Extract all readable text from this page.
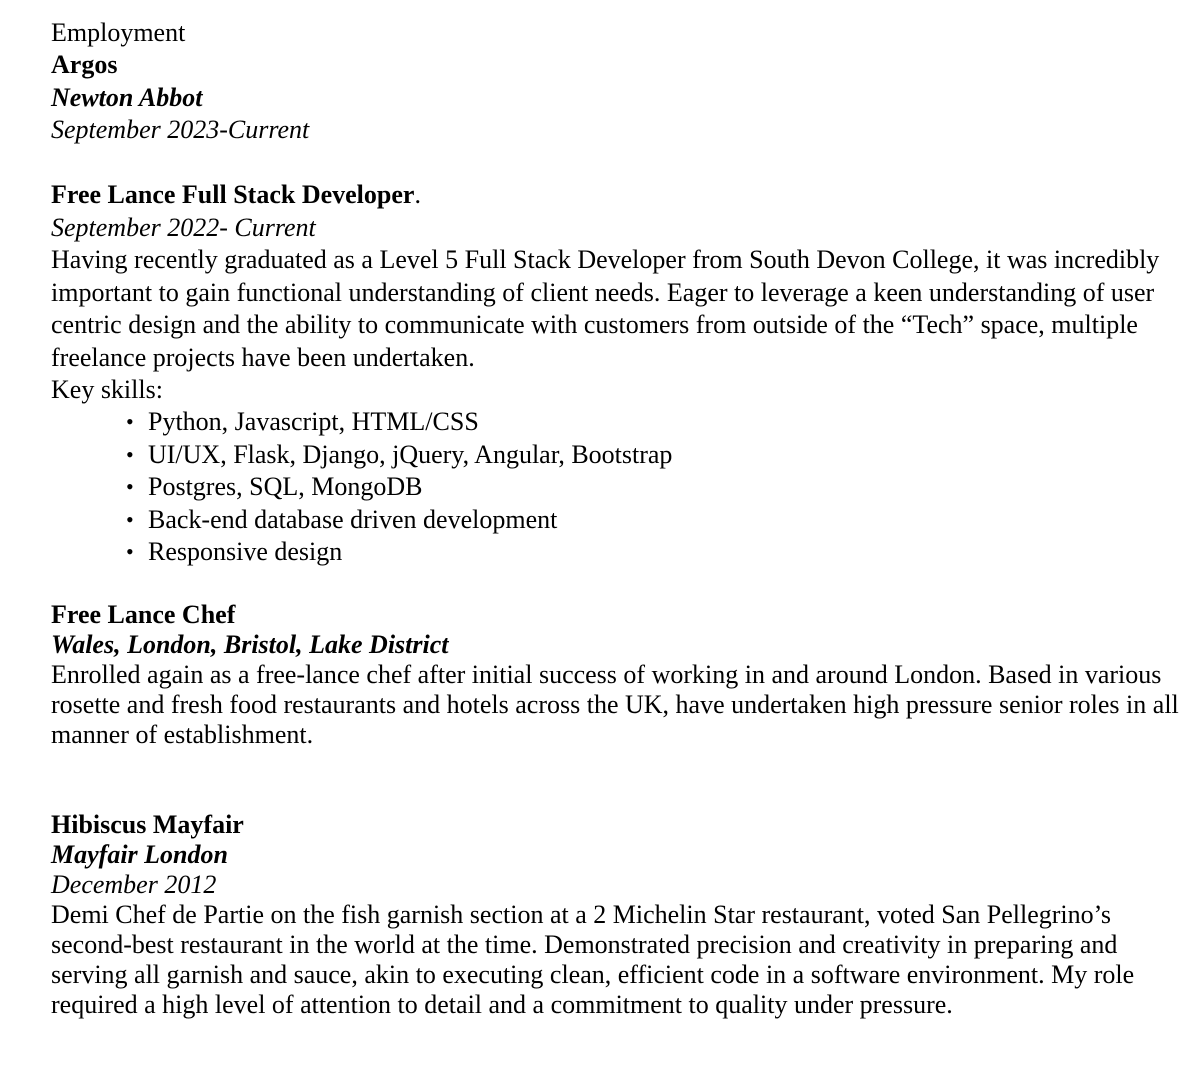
Employment

Argos

Newton Abbot

September 2023-Current

Free Lance Full Stack Developer.

September 2022- Current

Having recently graduated as a Level 5 Full Stack Developer from South Devon College, it was incredibly important to gain functional understanding of client needs. Eager to leverage a keen understanding of user centric design and the ability to communicate with customers from outside of the “Tech” space, multiple freelance projects have been undertaken.

Key skills:

• Python, Javascript, HTML/CSS
• UI/UX, Flask, Django, jQuery, Angular, Bootstrap
• Postgres, SQL, MongoDB
• Back-end database driven development
• Responsive design

Free Lance Chef

Wales, London, Bristol, Lake District

Enrolled again as a free-lance chef after initial success of working in and around London. Based in various rosette and fresh food restaurants and hotels across the UK, have undertaken high pressure senior roles in all manner of establishment.

Hibiscus Mayfair

Mayfair London

December 2012

Demi Chef de Partie on the fish garnish section at a 2 Michelin Star restaurant, voted San Pellegrino’s second-best restaurant in the world at the time. Demonstrated precision and creativity in preparing and serving all garnish and sauce, akin to executing clean, efficient code in a software environment. My role required a high level of attention to detail and a commitment to quality under pressure.
